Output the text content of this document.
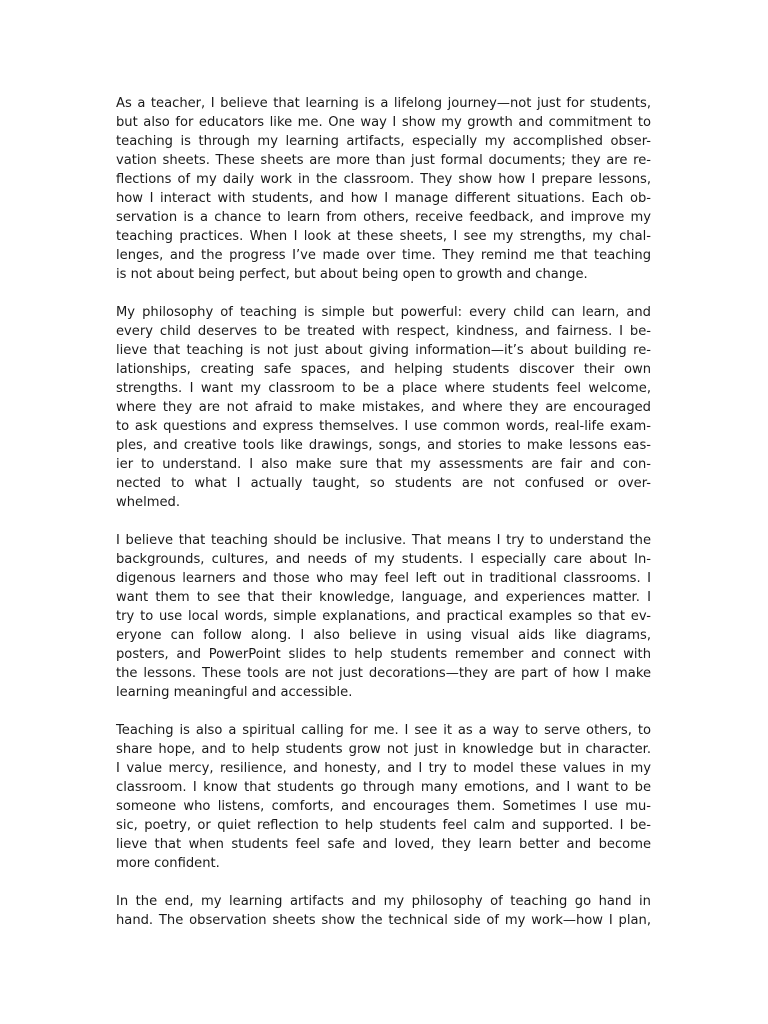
As a teacher, I believe that learning is a lifelong journey—not just for students,
but also for educators like me. One way I show my growth and commitment to
teaching is through my learning artifacts, especially my accomplished obser-
vation sheets. These sheets are more than just formal documents; they are re-
flections of my daily work in the classroom. They show how I prepare lessons,
how I interact with students, and how I manage different situations. Each ob-
servation is a chance to learn from others, receive feedback, and improve my
teaching practices. When I look at these sheets, I see my strengths, my chal-
lenges, and the progress I’ve made over time. They remind me that teaching
is not about being perfect, but about being open to growth and change.

My philosophy of teaching is simple but powerful: every child can learn, and
every child deserves to be treated with respect, kindness, and fairness. I be-
lieve that teaching is not just about giving information—it’s about building re-
lationships, creating safe spaces, and helping students discover their own
strengths. I want my classroom to be a place where students feel welcome,
where they are not afraid to make mistakes, and where they are encouraged
to ask questions and express themselves. I use common words, real-life exam-
ples, and creative tools like drawings, songs, and stories to make lessons eas-
ier to understand. I also make sure that my assessments are fair and con-
nected to what I actually taught, so students are not confused or over-
whelmed.

I believe that teaching should be inclusive. That means I try to understand the
backgrounds, cultures, and needs of my students. I especially care about In-
digenous learners and those who may feel left out in traditional classrooms. I
want them to see that their knowledge, language, and experiences matter. I
try to use local words, simple explanations, and practical examples so that ev-
eryone can follow along. I also believe in using visual aids like diagrams,
posters, and PowerPoint slides to help students remember and connect with
the lessons. These tools are not just decorations—they are part of how I make
learning meaningful and accessible.

Teaching is also a spiritual calling for me. I see it as a way to serve others, to
share hope, and to help students grow not just in knowledge but in character.
I value mercy, resilience, and honesty, and I try to model these values in my
classroom. I know that students go through many emotions, and I want to be
someone who listens, comforts, and encourages them. Sometimes I use mu-
sic, poetry, or quiet reflection to help students feel calm and supported. I be-
lieve that when students feel safe and loved, they learn better and become
more confident.

In the end, my learning artifacts and my philosophy of teaching go hand in
hand. The observation sheets show the technical side of my work—how I plan,
